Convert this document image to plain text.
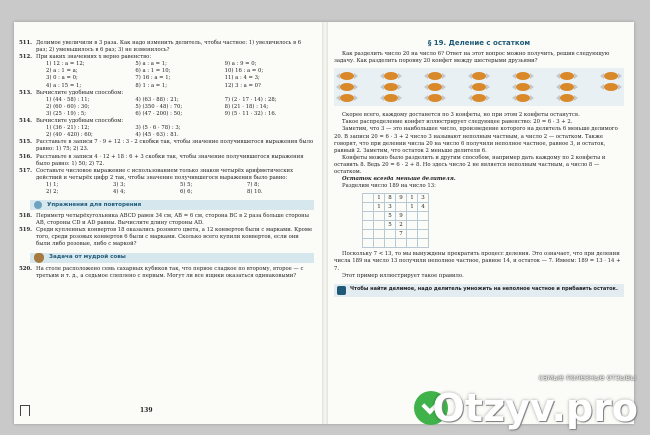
511. Делимое увеличили в 3 раза. Как надо изменить делитель, чтобы частное: 1) увеличилось в 6 раз; 2) уменьшилось в 6 раз; 3) не изменилось?
512. При каких значениях x верно равенство:
1) 12 : a = 12;	5) a : a = 1;	9) a : 9 = 0;
2) a : 1 = a;	6) a : 1 = 10;	10) 16 : a = 0;
3) 0 : a = 0;	7) 16 : a = 1;	11) a : 4 = 3;
4) a : 15 = 1;	8) 1 : a = 1;	12) 3 : a = 0?
513. Вычислите удобным способом:
1) (44 · 58) : 11;	4) (63 · 88) : 21;	7) (2 · 17 · 14) : 28;
2) (60 · 60) : 30;	5) (350 · 48) : 70;	8) (21 · 18) : 14;
3) (25 · 19) : 5;	6) (47 · 200) : 50;	9) (5 · 11 · 32) : 16.
514. Вычислите удобным способом:
1) (36 · 21) : 12;	3) (5 · 6 · 78) : 3;
2) (40 · 420) : 60;	4) (45 · 63) : 81.
515. Расставьте в записи 7 · 9 + 12 : 3 - 2 скобки так, чтобы значение получившегося выражения было равно: 1) 75; 2) 23.
516. Расставьте в записи 4 · 12 + 18 : 6 + 3 скобки так, чтобы значение получившегося выражения было равно: 1) 50; 2) 72.
517. Составьте числовое выражение с использованием только знаков четырёх арифметических действий и четырёх цифр 2 так, чтобы значение получившегося выражения было равно:
1) 1;	3) 3;	5) 5;	7) 8;
2) 2;	4) 4;	6) 6;	8) 10.
Упражнения для повторения
518. Периметр четырёхугольника ABCD равен 34 см, AB = 6 см, сторона BC в 2 раза больше стороны AB, стороны CD и AD равны. Вычислите длину стороны AD.
519. Среди купленных конвертов 18 оказались розового цвета, а 12 конвертов были с марками. Кроме того, среди розовых конвертов 6 были с марками. Сколько всего купили конвертов, если они были либо розовые, либо с маркой?
Задача от мудрой совы
520. На столе расположено семь сахарных кубиков так, что первое сладкое по второму, второе — с третьим и т. д., а седьмое слеплено с первым. Могут ли все ящики оказаться одинаковыми?
139
§ 19. Деление с остатком
Как разделить число 20 на число 6? Ответ на этот вопрос можно получить, решив следующую задачу. Как разделить поровну 20 конфет между шестерыми друзьями?
Скорее всего, каждому достанется по 3 конфеты, но при этом 2 конфеты останутся.
Такое распределение конфет иллюстрирует следующее равенство: 20 = 6 · 3 + 2.
Заметим, что 3 — это наибольшее число, произведение которого на делитель 6 меньше делимого 20. В записи 20 = 6 · 3 + 2 число 3 называют неполным частным, а число 2 — остатком. Также говорят, что при делении числа 20 на число 6 получили неполное частное, равное 3, и остаток, равный 2. Заметим, что остаток 2 меньше делителя 6.
Конфеты можно было разделить и другим способом, например дать каждому по 2 конфеты и оставить 8. Ведь 20 = 6 · 2 + 8. Но здесь число 2 не является неполным частным, а число 8 — остатком.
Остаток всегда меньше делителя.
Разделим число 189 на число 13:
1	8	9	1	3
1	3	1	4
5	9
5	2
7
Поскольку 7 < 13, то мы вынуждены прекратить процесс деления. Это означает, что при делении числа 189 на число 13 получили неполное частное, равное 14, и остаток — 7. Имеем: 189 = 13 · 14 + 7.
Этот пример иллюстрирует такое правило.
Чтобы найти делимое, надо делитель умножить на неполное частное и прибавить остаток.
самые полезные отзывы
Otzyv.pro
